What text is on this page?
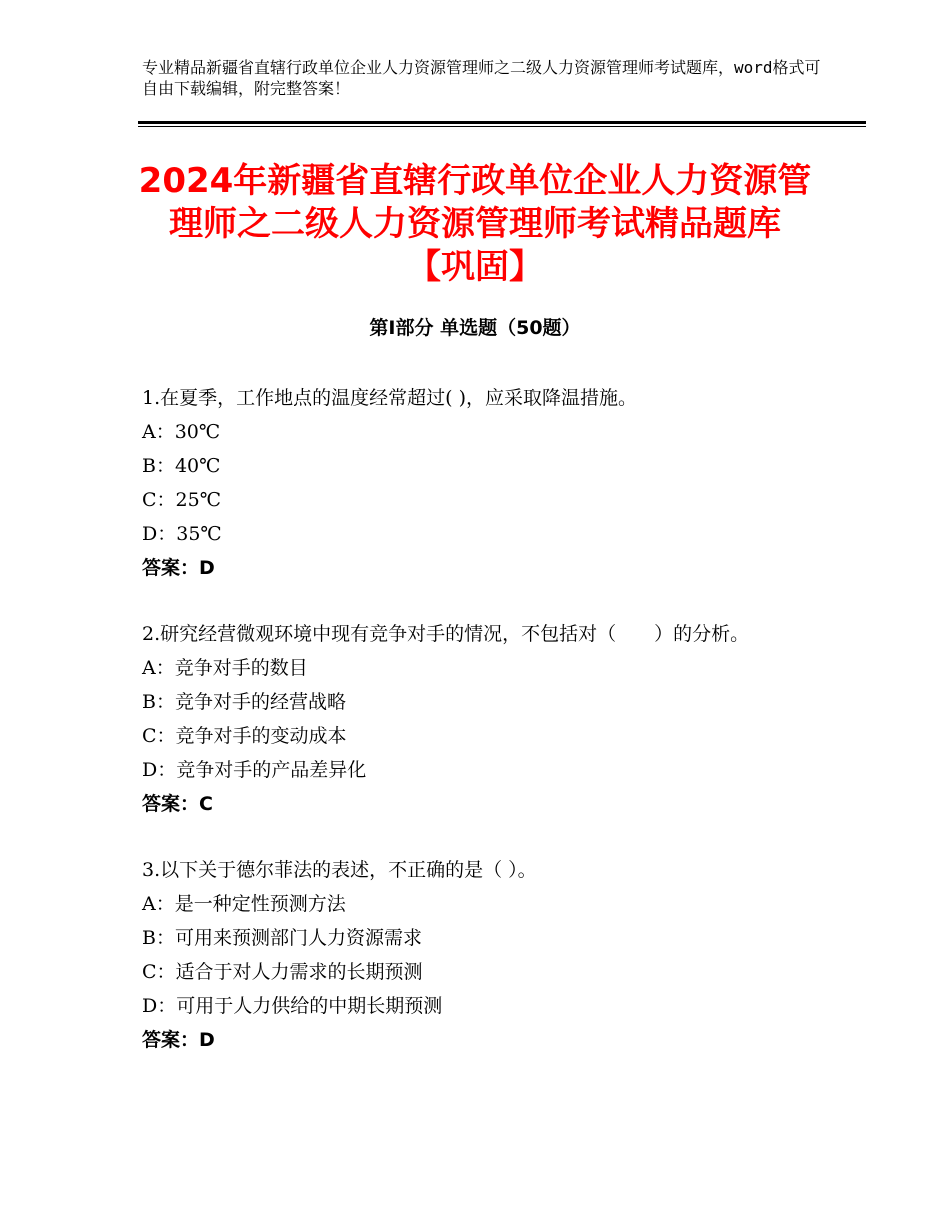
专业精品新疆省直辖行政单位企业人力资源管理师之二级人力资源管理师考试题库，word格式可自由下载编辑，附完整答案！
2024年新疆省直辖行政单位企业人力资源管
理师之二级人力资源管理师考试精品题库
【巩固】
第Ⅰ部分 单选题（50题）
1.在夏季，工作地点的温度经常超过( )，应采取降温措施。
A：30℃
B：40℃
C：25℃
D：35℃
答案：D
2.研究经营微观环境中现有竞争对手的情况，不包括对（　　）的分析。
A：竞争对手的数目
B：竞争对手的经营战略
C：竞争对手的变动成本
D：竞争对手的产品差异化
答案：C
3.以下关于德尔菲法的表述，不正确的是（ ）。
A：是一种定性预测方法
B：可用来预测部门人力资源需求
C：适合于对人力需求的长期预测
D：可用于人力供给的中期长期预测
答案：D
